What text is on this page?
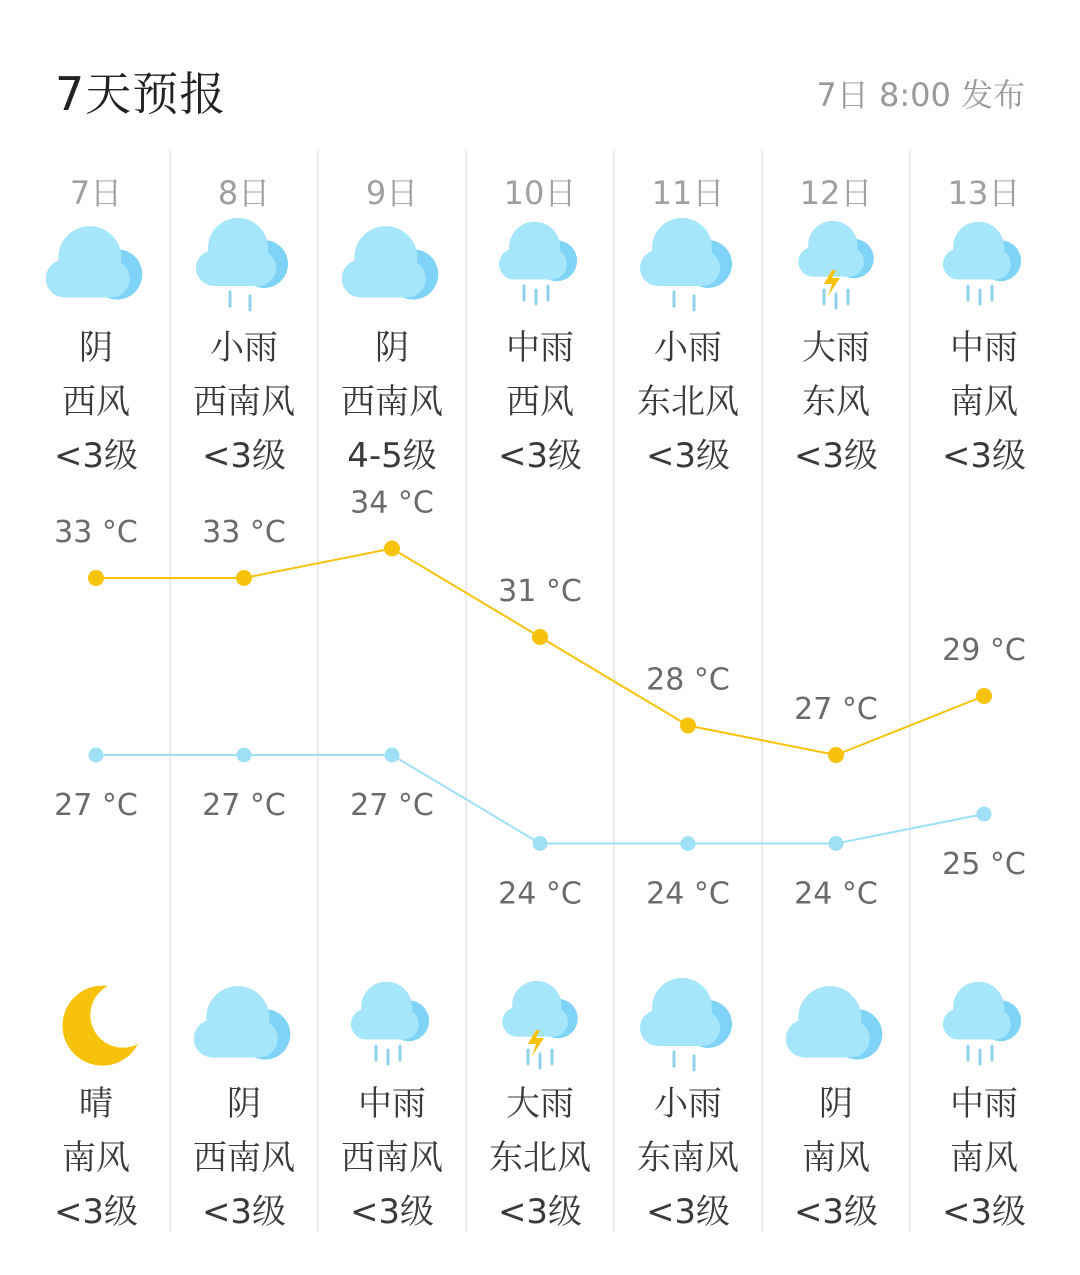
7天预报	7日 8:00 发布
7日
阴
西风
<3级
晴
南风
<3级
8日
小雨
西南风
<3级
阴
西南风
<3级
9日
阴
西南风
4-5级
中雨
西南风
<3级
10日
中雨
西风
<3级
大雨
东北风
<3级
11日
小雨
东北风
<3级
小雨
东南风
<3级
12日
大雨
东风
<3级
阴
南风
<3级
13日
中雨
南风
<3级
中雨
南风
<3级
33 °C 33 °C
34 °C
31 °C
28 °C
27 °C
29 °C
27 °C 27 °C 27 °C
24 °C 24 °C 24 °C
25 °C
